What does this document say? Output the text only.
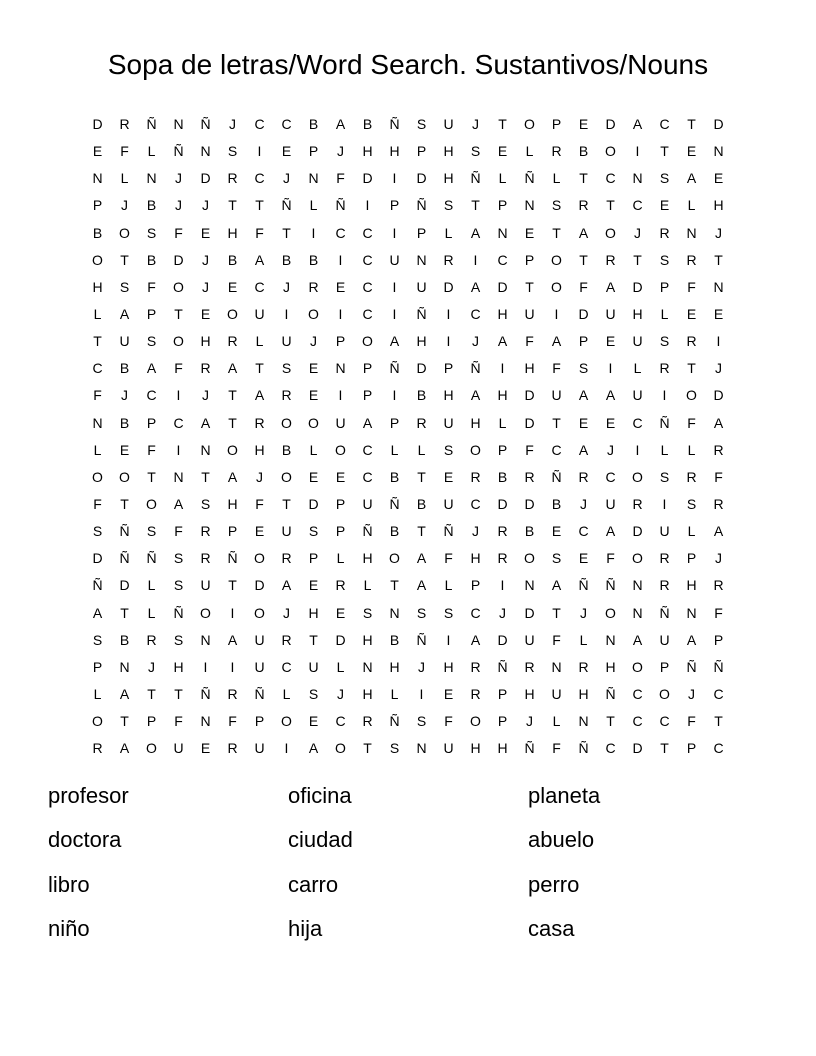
Sopa de letras/Word Search. Sustantivos/Nouns
D	R	Ñ	N	Ñ	J	C	C	B	A	B	Ñ	S	U	J	T	O	P	E	D	A	C	T	D
E	F	L	Ñ	N	S	I	E	P	J	H	H	P	H	S	E	L	R	B	O	I	T	E	N
N	L	N	J	D	R	C	J	N	F	D	I	D	H	Ñ	L	Ñ	L	T	C	N	S	A	E
P	J	B	J	J	T	T	Ñ	L	Ñ	I	P	Ñ	S	T	P	N	S	R	T	C	E	L	H
B	O	S	F	E	H	F	T	I	C	C	I	P	L	A	N	E	T	A	O	J	R	N	J
O	T	B	D	J	B	A	B	B	I	C	U	N	R	I	C	P	O	T	R	T	S	R	T
H	S	F	O	J	E	C	J	R	E	C	I	U	D	A	D	T	O	F	A	D	P	F	N
L	A	P	T	E	O	U	I	O	I	C	I	Ñ	I	C	H	U	I	D	U	H	L	E	E
T	U	S	O	H	R	L	U	J	P	O	A	H	I	J	A	F	A	P	E	U	S	R	I
C	B	A	F	R	A	T	S	E	N	P	Ñ	D	P	Ñ	I	H	F	S	I	L	R	T	J
F	J	C	I	J	T	A	R	E	I	P	I	B	H	A	H	D	U	A	A	U	I	O	D
N	B	P	C	A	T	R	O	O	U	A	P	R	U	H	L	D	T	E	E	C	Ñ	F	A
L	E	F	I	N	O	H	B	L	O	C	L	L	S	O	P	F	C	A	J	I	L	L	R
O	O	T	N	T	A	J	O	E	E	C	B	T	E	R	B	R	Ñ	R	C	O	S	R	F
F	T	O	A	S	H	F	T	D	P	U	Ñ	B	U	C	D	D	B	J	U	R	I	S	R
S	Ñ	S	F	R	P	E	U	S	P	Ñ	B	T	Ñ	J	R	B	E	C	A	D	U	L	A
D	Ñ	Ñ	S	R	Ñ	O	R	P	L	H	O	A	F	H	R	O	S	E	F	O	R	P	J
Ñ	D	L	S	U	T	D	A	E	R	L	T	A	L	P	I	N	A	Ñ	Ñ	N	R	H	R
A	T	L	Ñ	O	I	O	J	H	E	S	N	S	S	C	J	D	T	J	O	N	Ñ	N	F
S	B	R	S	N	A	U	R	T	D	H	B	Ñ	I	A	D	U	F	L	N	A	U	A	P
P	N	J	H	I	I	U	C	U	L	N	H	J	H	R	Ñ	R	N	R	H	O	P	Ñ	Ñ
L	A	T	T	Ñ	R	Ñ	L	S	J	H	L	I	E	R	P	H	U	H	Ñ	C	O	J	C
O	T	P	F	N	F	P	O	E	C	R	Ñ	S	F	O	P	J	L	N	T	C	C	F	T
R	A	O	U	E	R	U	I	A	O	T	S	N	U	H	H	Ñ	F	Ñ	C	D	T	P	C
profesor	oficina	planeta
doctora	ciudad	abuelo
libro	carro	perro
niño	hija	casa
